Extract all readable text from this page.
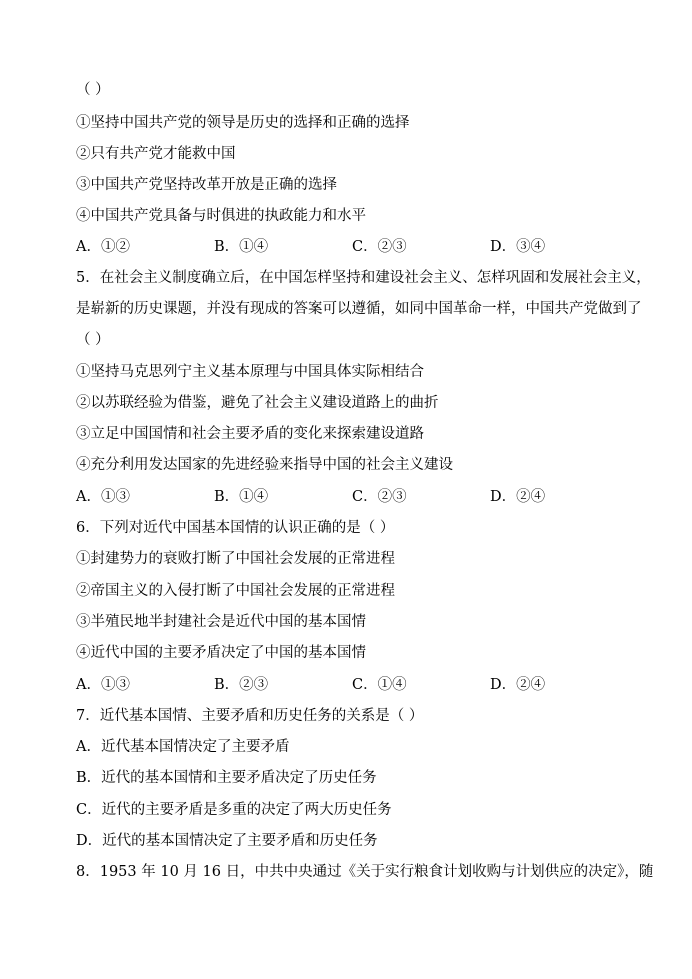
（ ）
①坚持中国共产党的领导是历史的选择和正确的选择
②只有共产党才能救中国
③中国共产党坚持改革开放是正确的选择
④中国共产党具备与时俱进的执政能力和水平
A．①②	B．①④	C．②③	D．③④
5．在社会主义制度确立后，在中国怎样坚持和建设社会主义、怎样巩固和发展社会主义，
是崭新的历史课题，并没有现成的答案可以遵循，如同中国革命一样，中国共产党做到了
（ ）
①坚持马克思列宁主义基本原理与中国具体实际相结合
②以苏联经验为借鉴，避免了社会主义建设道路上的曲折
③立足中国国情和社会主要矛盾的变化来探索建设道路
④充分利用发达国家的先进经验来指导中国的社会主义建设
A．①③	B．①④	C．②③	D．②④
6．下列对近代中国基本国情的认识正确的是（ ）
①封建势力的衰败打断了中国社会发展的正常进程
②帝国主义的入侵打断了中国社会发展的正常进程
③半殖民地半封建社会是近代中国的基本国情
④近代中国的主要矛盾决定了中国的基本国情
A．①③	B．②③	C．①④	D．②④
7．近代基本国情、主要矛盾和历史任务的关系是（ ）
A．近代基本国情决定了主要矛盾
B．近代的基本国情和主要矛盾决定了历史任务
C．近代的主要矛盾是多重的决定了两大历史任务
D．近代的基本国情决定了主要矛盾和历史任务
8．1953 年 10 月 16 日，中共中央通过《关于实行粮食计划收购与计划供应的决定》，随
